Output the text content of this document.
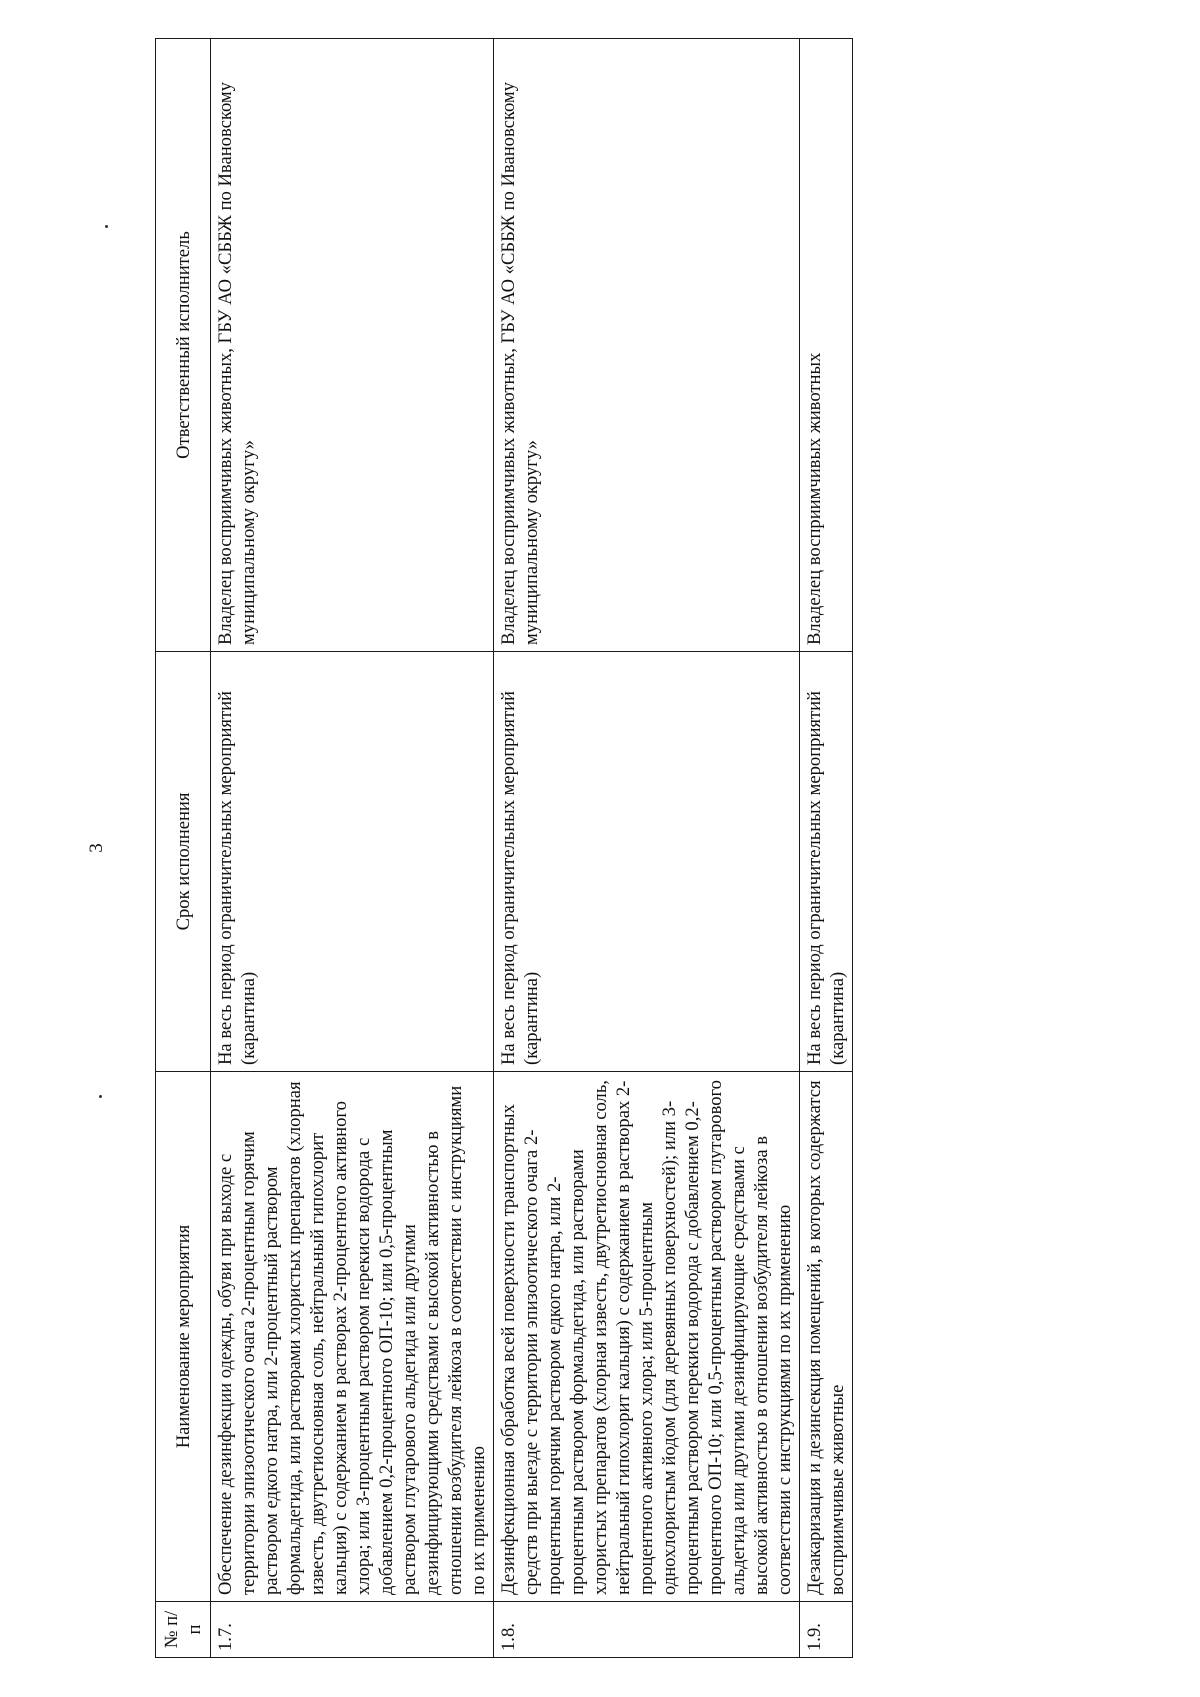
3
№ п/п	Наименование мероприятия	Срок исполнения	Ответственный исполнитель
1.7.	Обеспечение дезинфекции одежды, обуви при выходе с территории эпизоотического очага 2-процентным горячим раствором едкого натра, или 2-процентный раствором формальдегида, или растворами хлористых препаратов (хлорная известь, двутретиосновная соль, нейтральный гипохлорит кальция) с содержанием в растворах 2-процентного активного хлора; или 3-процентным раствором перекиси водорода с добавлением 0,2-процентного ОП-10; или 0,5-процентным раствором глутарового альдегида или другими дезинфицирующими средствами с высокой активностью в отношении возбудителя лейкоза в соответствии с инструкциями по их применению	На весь период ограничительных мероприятий (карантина)	Владелец восприимчивых животных, ГБУ АО «СББЖ по Ивановскому муниципальному округу»
1.8.	Дезинфекционная обработка всей поверхности транспортных средств при выезде с территории эпизоотического очага 2-процентным горячим раствором едкого натра, или 2-процентным раствором формальдегида, или растворами хлористых препаратов (хлорная известь, двутретиосновная соль, нейтральный гипохлорит кальция) с содержанием в растворах 2-процентного активного хлора; или 5-процентным однохлористым йодом (для деревянных поверхностей); или 3-процентным раствором перекиси водорода с добавлением 0,2-процентного ОП-10; или 0,5-процентным раствором глутарового альдегида или другими дезинфицирующие средствами с высокой активностью в отношении возбудителя лейкоза в соответствии с инструкциями по их применению	На весь период ограничительных мероприятий (карантина)	Владелец восприимчивых животных, ГБУ АО «СББЖ по Ивановскому муниципальному округу»
1.9.	Дезакаризация и дезинсекция помещений, в которых содержатся восприимчивые животные	На весь период ограничительных мероприятий (карантина)	Владелец восприимчивых животных
